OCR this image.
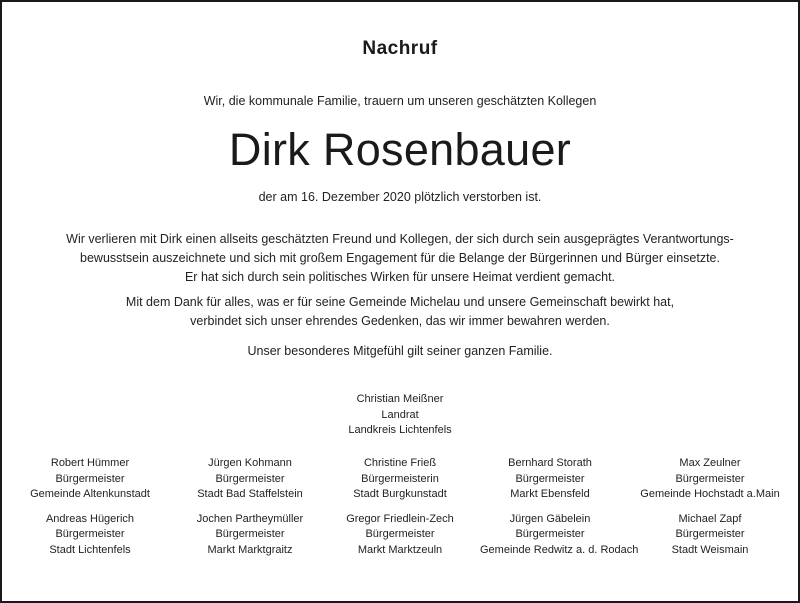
Nachruf
Wir, die kommunale Familie, trauern um unseren geschätzten Kollegen
Dirk Rosenbauer
der am 16. Dezember 2020 plötzlich verstorben ist.
Wir verlieren mit Dirk einen allseits geschätzten Freund und Kollegen, der sich durch sein ausgeprägtes Verantwortungs-
bewusstsein auszeichnete und sich mit großem Engagement für die Belange der Bürgerinnen und Bürger einsetzte.
Er hat sich durch sein politisches Wirken für unsere Heimat verdient gemacht.
Mit dem Dank für alles, was er für seine Gemeinde Michelau und unsere Gemeinschaft bewirkt hat,
verbindet sich unser ehrendes Gedenken, das wir immer bewahren werden.
Unser besonderes Mitgefühl gilt seiner ganzen Familie.
Christian Meißner
Landrat
Landkreis Lichtenfels
Robert Hümmer
Bürgermeister
Gemeinde Altenkunstadt
Jürgen Kohmann
Bürgermeister
Stadt Bad Staffelstein
Christine Frieß
Bürgermeisterin
Stadt Burgkunstadt
Bernhard Storath
Bürgermeister
Markt Ebensfeld
Max Zeulner
Bürgermeister
Gemeinde Hochstadt a.Main
Andreas Hügerich
Bürgermeister
Stadt Lichtenfels
Jochen Partheymüller
Bürgermeister
Markt Marktgraitz
Gregor Friedlein-Zech
Bürgermeister
Markt Marktzeuln
Jürgen Gäbelein
Bürgermeister
Gemeinde Redwitz a. d. Rodach
Michael Zapf
Bürgermeister
Stadt Weismain
